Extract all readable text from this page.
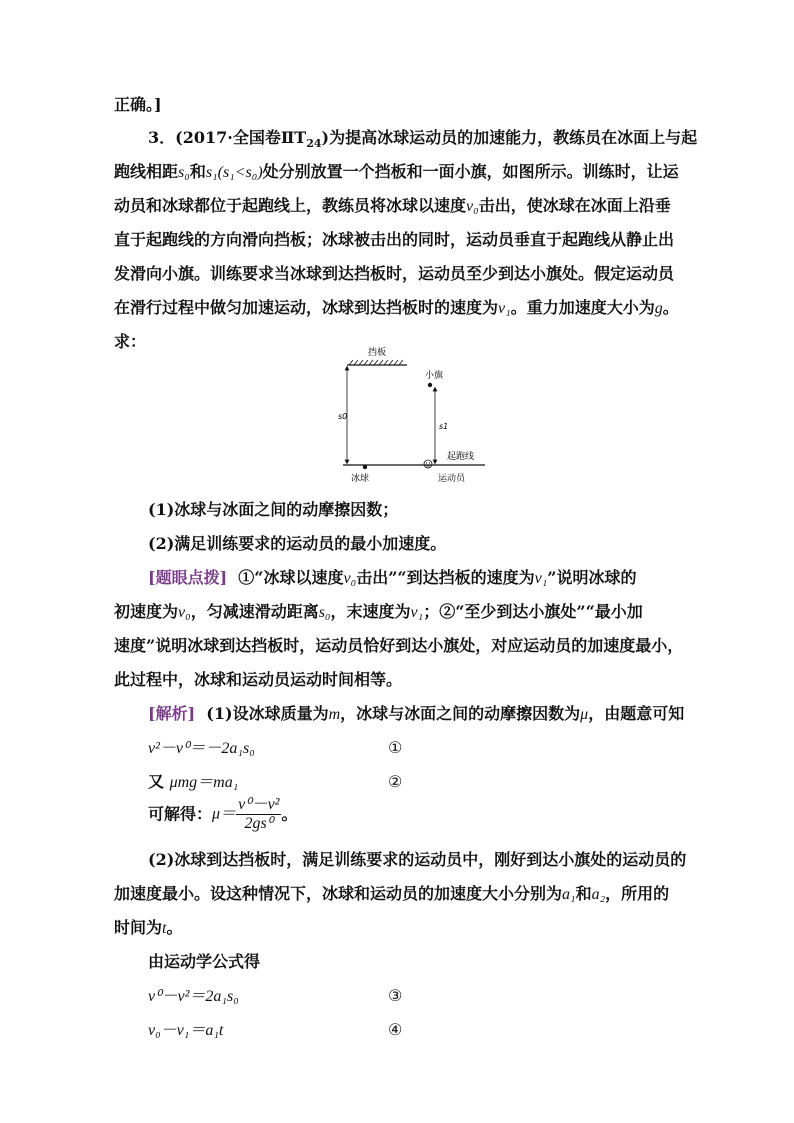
正确。]
3．(2017·全国卷$ⅡT_{24}$)为提高冰球运动员的加速能力，教练员在冰面上与起
跑线相距s₀和s₁(s₁<s₀)处分别放置一个挡板和一面小旗，如图所示。训练时，让运
动员和冰球都位于起跑线上，教练员将冰球以速度v₀击出，使冰球在冰面上沿垂
直于起跑线的方向滑向挡板；冰球被击出的同时，运动员垂直于起跑线从静止出
发滑向小旗。训练要求当冰球到达挡板时，运动员至少到达小旗处。假定运动员
在滑行过程中做匀加速运动，冰球到达挡板时的速度为v₁。重力加速度大小为g。
求：
挡板
s0
小旗
s1
起跑线
冰球	运动员
(1)冰球与冰面之间的动摩擦因数；
(2)满足训练要求的运动员的最小加速度。
[题眼点拨] ①“冰球以速度v₀击出”“到达挡板的速度为v₁”说明冰球的
初速度为v₀，匀减速滑动距离s₀，末速度为v₁；②“至少到达小旗处”“最小加
速度”说明冰球到达挡板时，运动员恰好到达小旗处，对应运动员的加速度最小，
此过程中，冰球和运动员运动时间相等。
[解析] (1)设冰球质量为m，冰球与冰面之间的动摩擦因数为μ，由题意可知
v²－v⁰＝－2a₁s₀	①
又 μmg＝ma₁	②
可解得：$\mu= \frac{\text{v⁰－v²}}{\text{2gs⁰}}$ 。
(2)冰球到达挡板时，满足训练要求的运动员中，刚好到达小旗处的运动员的
加速度最小。设这种情况下，冰球和运动员的加速度大小分别为a₁和a₂，所用的
时间为t。
由运动学公式得
v⁰－v²＝2a₁s₀	③
v₀－v₁＝a₁t	④
